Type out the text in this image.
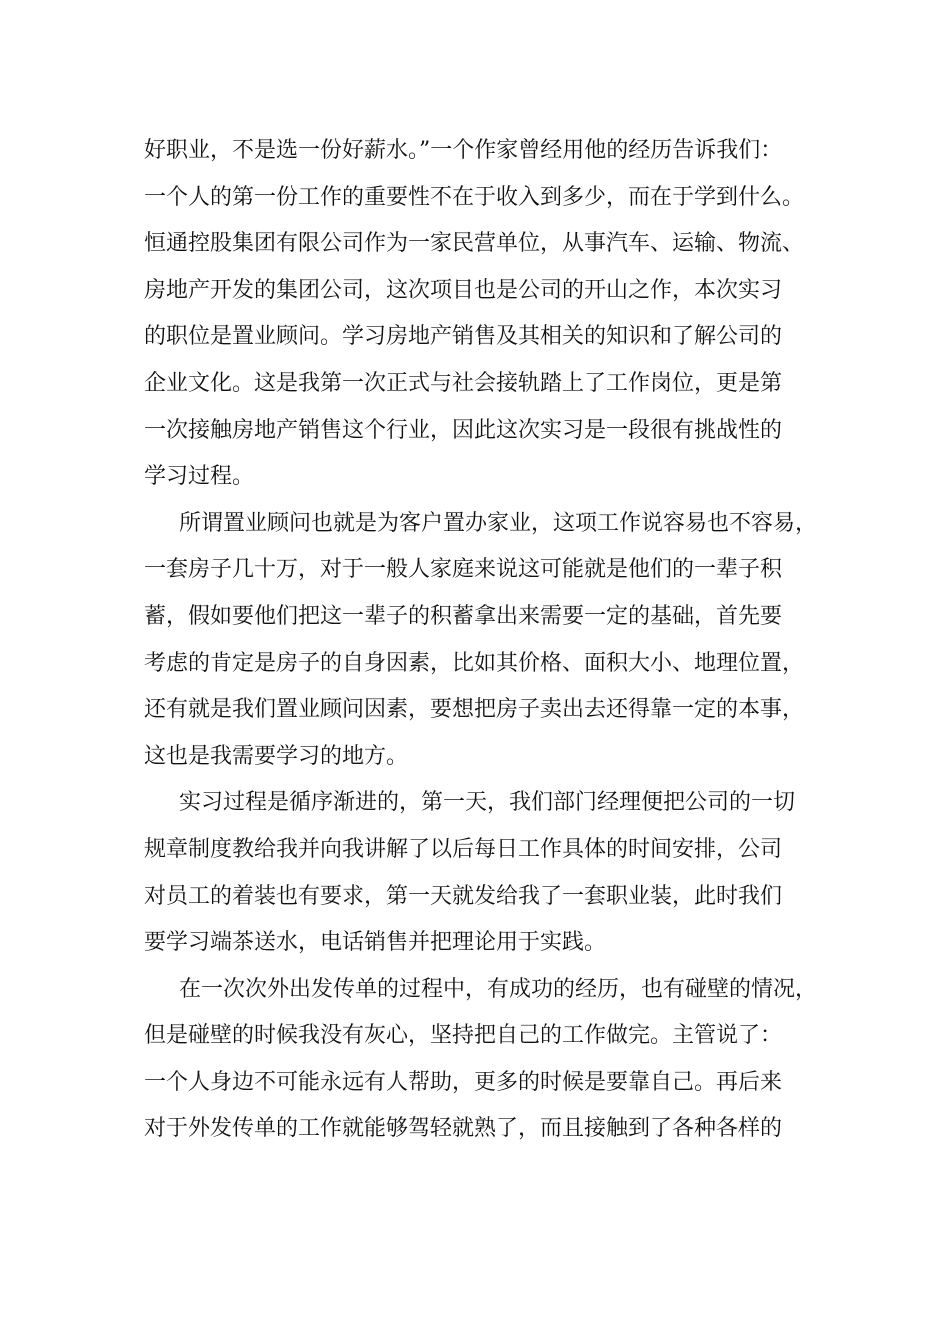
好职业，不是选一份好薪水。”一个作家曾经用他的经历告诉我们：
一个人的第一份工作的重要性不在于收入到多少，而在于学到什么。
恒通控股集团有限公司作为一家民营单位，从事汽车、运输、物流、
房地产开发的集团公司，这次项目也是公司的开山之作，本次实习
的职位是置业顾问。学习房地产销售及其相关的知识和了解公司的
企业文化。这是我第一次正式与社会接轨踏上了工作岗位，更是第
一次接触房地产销售这个行业，因此这次实习是一段很有挑战性的
学习过程。
所谓置业顾问也就是为客户置办家业，这项工作说容易也不容易，
一套房子几十万，对于一般人家庭来说这可能就是他们的一辈子积
蓄，假如要他们把这一辈子的积蓄拿出来需要一定的基础，首先要
考虑的肯定是房子的自身因素，比如其价格、面积大小、地理位置，
还有就是我们置业顾问因素，要想把房子卖出去还得靠一定的本事，
这也是我需要学习的地方。
实习过程是循序渐进的，第一天，我们部门经理便把公司的一切
规章制度教给我并向我讲解了以后每日工作具体的时间安排，公司
对员工的着装也有要求，第一天就发给我了一套职业装，此时我们
要学习端茶送水，电话销售并把理论用于实践。
在一次次外出发传单的过程中，有成功的经历，也有碰壁的情况，
但是碰壁的时候我没有灰心，坚持把自己的工作做完。主管说了：
一个人身边不可能永远有人帮助，更多的时候是要靠自己。再后来
对于外发传单的工作就能够驾轻就熟了，而且接触到了各种各样的
